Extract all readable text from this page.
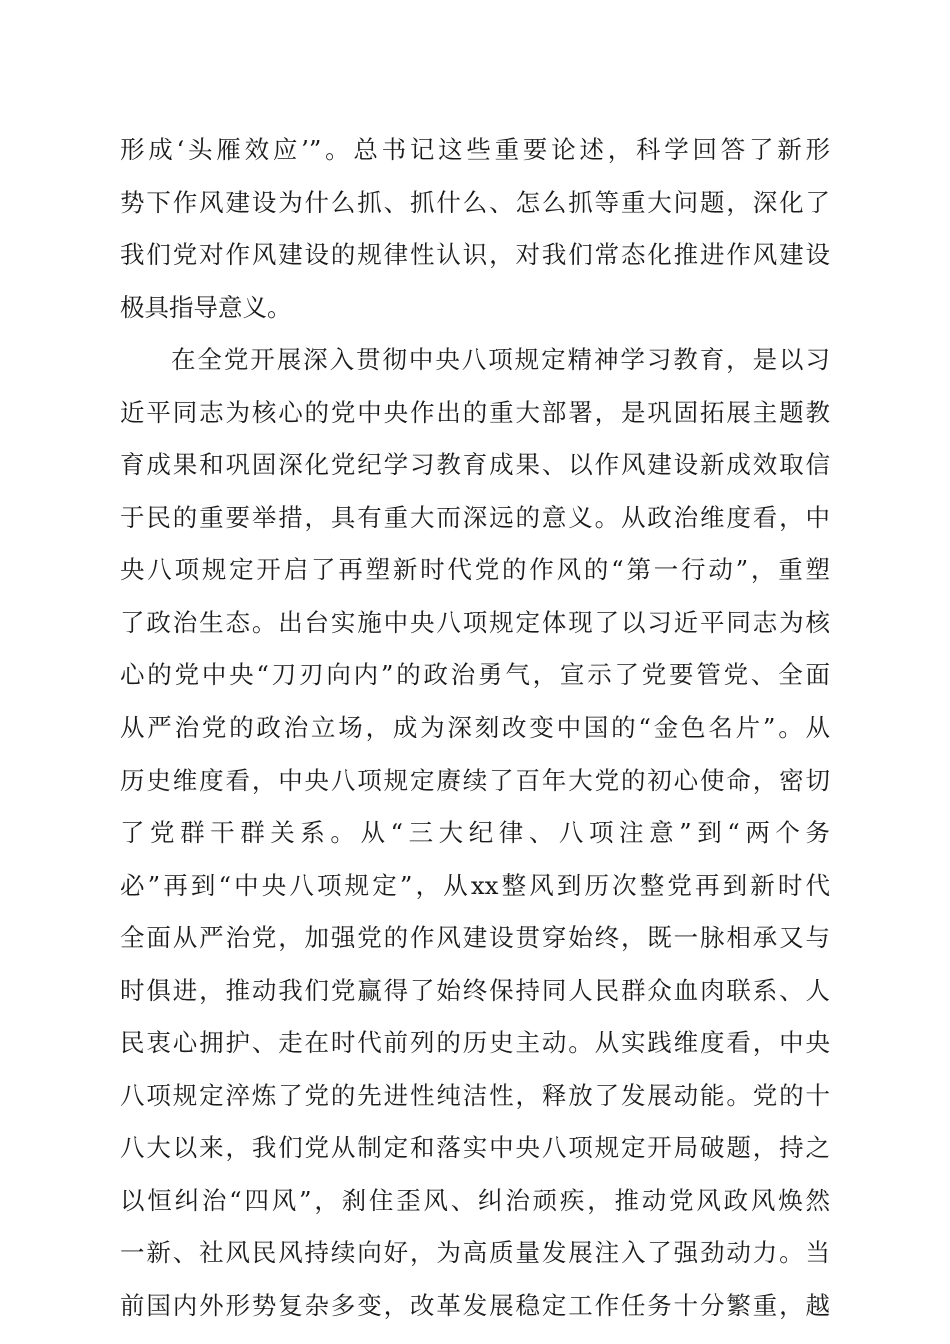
形成‘头雁效应’”。总书记这些重要论述，科学回答了新形
势下作风建设为什么抓、抓什么、怎么抓等重大问题，深化了
我们党对作风建设的规律性认识，对我们常态化推进作风建设
极具指导意义。
在全党开展深入贯彻中央八项规定精神学习教育，是以习
近平同志为核心的党中央作出的重大部署，是巩固拓展主题教
育成果和巩固深化党纪学习教育成果、以作风建设新成效取信
于民的重要举措，具有重大而深远的意义。从政治维度看，中
央八项规定开启了再塑新时代党的作风的“第一行动”，重塑
了政治生态。出台实施中央八项规定体现了以习近平同志为核
心的党中央“刀刃向内”的政治勇气，宣示了党要管党、全面
从严治党的政治立场，成为深刻改变中国的“金色名片”。从
历史维度看，中央八项规定赓续了百年大党的初心使命，密切
了党群干群关系。从“三大纪律、八项注意”到“两个务
必”再到“中央八项规定”，从xx整风到历次整党再到新时代
全面从严治党，加强党的作风建设贯穿始终，既一脉相承又与
时俱进，推动我们党赢得了始终保持同人民群众血肉联系、人
民衷心拥护、走在时代前列的历史主动。从实践维度看，中央
八项规定淬炼了党的先进性纯洁性，释放了发展动能。党的十
八大以来，我们党从制定和落实中央八项规定开局破题，持之
以恒纠治“四风”，刹住歪风、纠治顽疾，推动党风政风焕然
一新、社风民风持续向好，为高质量发展注入了强劲动力。当
前国内外形势复杂多变，改革发展稳定工作任务十分繁重，越
